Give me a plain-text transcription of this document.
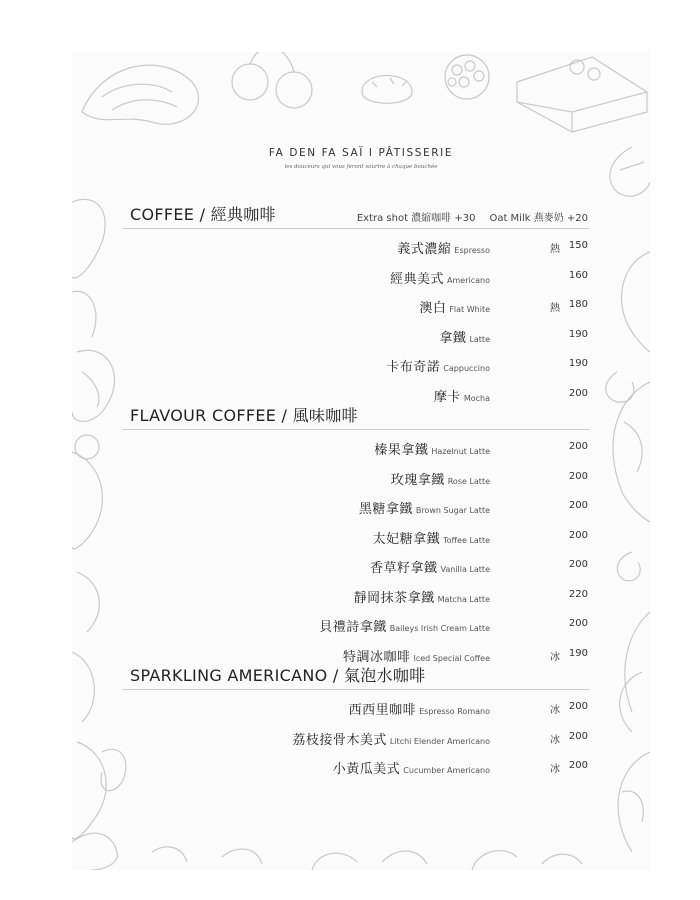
FA DEN FA SAÏ I PÂTISSERIE
les douceurs qui vous feront sourire à chaque bouchée
COFFEE / 經典咖啡	Extra shot 濃縮咖啡 +30 Oat Milk 燕麥奶 +20
義式濃縮 Espresso	熱 150
經典美式 Americano	160
澳白 Flat White	熱 180
拿鐵 Latte	190
卡布奇諾 Cappuccino	190
摩卡 Mocha	200
FLAVOUR COFFEE / 風味咖啡
榛果拿鐵 Hazelnut Latte	200
玫瑰拿鐵 Rose Latte	200
黑糖拿鐵 Brown Sugar Latte	200
太妃糖拿鐵 Toffee Latte	200
香草籽拿鐵 Vanilla Latte	200
靜岡抹茶拿鐵 Matcha Latte	220
貝禮詩拿鐵 Baileys Irish Cream Latte	200
特調冰咖啡 Iced Special Coffee	冰 190
SPARKLING AMERICANO / 氣泡水咖啡
西西里咖啡 Espresso Romano	冰 200
荔枝接骨木美式 Litchi Elender Americano	冰 200
小黃瓜美式 Cucumber Americano	冰 200
